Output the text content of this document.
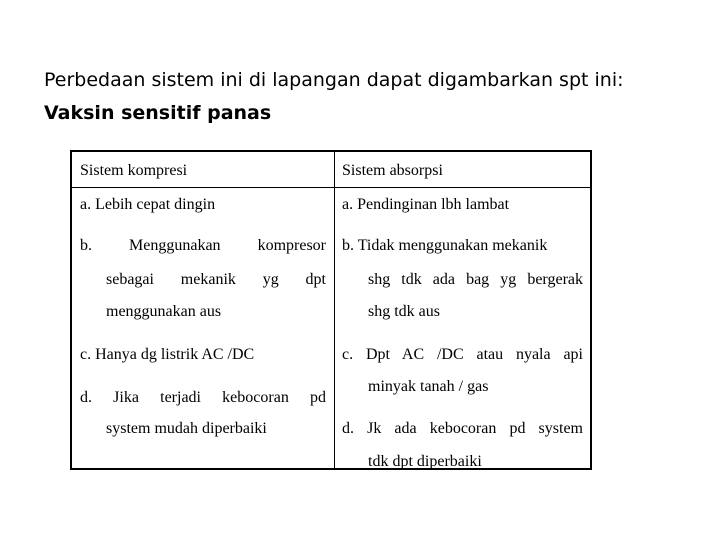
Perbedaan sistem ini di lapangan dapat digambarkan spt ini:
Vaksin sensitif panas
Sistem kompresi	Sistem absorpsi
a. Lebih cepat dingin
b. Menggunakan kompresor
sebagai mekanik yg dpt
menggunakan aus
c. Hanya dg listrik AC /DC
d. Jika terjadi kebocoran pd
system mudah diperbaiki
a. Pendinginan lbh lambat
b. Tidak menggunakan mekanik
shg tdk ada bag yg bergerak
shg tdk aus
c. Dpt AC /DC atau nyala api
minyak tanah / gas
d. Jk ada kebocoran pd system
tdk dpt diperbaiki
